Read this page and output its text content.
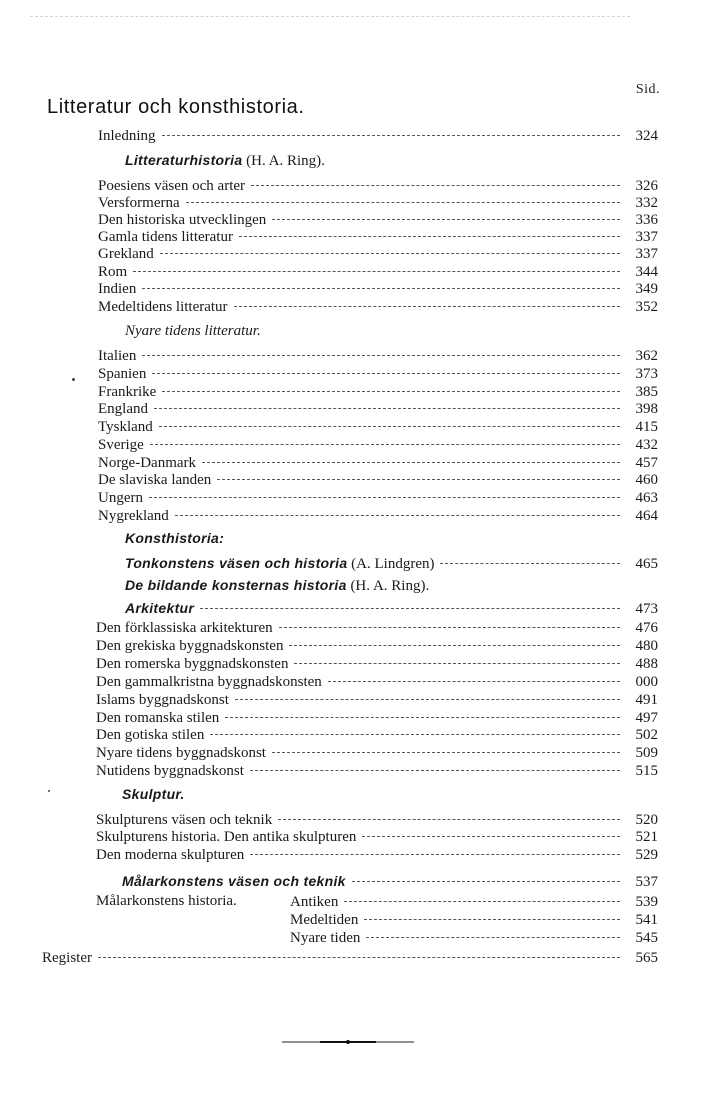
Sid.
Litteratur och konsthistoria.
Inledning	324
Litteraturhistoria (H. A. Ring).
Poesiens väsen och arter	326
Versformerna	332
Den historiska utvecklingen	336
Gamla tidens litteratur	337
Grekland	337
Rom	344
Indien	349
Medeltidens litteratur	352
Nyare tidens litteratur.
Italien	362
Spanien	373
Frankrike	385
England	398
Tyskland	415
Sverige	432
Norge-Danmark	457
De slaviska landen	460
Ungern	463
Nygrekland	464
Konsthistoria:
Tonkonstens väsen och historia (A. Lindgren)	465
De bildande konsternas historia (H. A. Ring).
Arkitektur	473
Den förklassiska arkitekturen	476
Den grekiska byggnadskonsten	480
Den romerska byggnadskonsten	488
Den gammalkristna byggnadskonsten	000
Islams byggnadskonst	491
Den romanska stilen	497
Den gotiska stilen	502
Nyare tidens byggnadskonst	509
Nutidens byggnadskonst	515
Skulptur.
Skulpturens väsen och teknik	520
Skulpturens historia. Den antika skulpturen	521
Den moderna skulpturen	529
Målarkonstens väsen och teknik	537
Målarkonstens historia.	Antiken	539
Medeltiden	541
Nyare tiden	545
Register	565
